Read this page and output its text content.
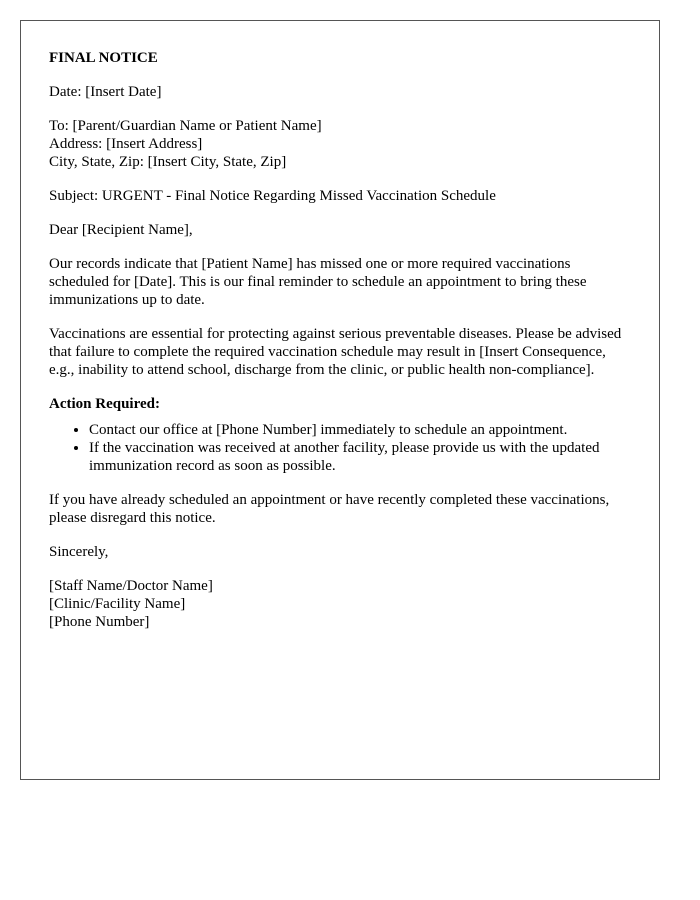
FINAL NOTICE
Date: [Insert Date]
To: [Parent/Guardian Name or Patient Name]
Address: [Insert Address]
City, State, Zip: [Insert City, State, Zip]
Subject: URGENT - Final Notice Regarding Missed Vaccination Schedule
Dear [Recipient Name],
Our records indicate that [Patient Name] has missed one or more required vaccinations scheduled for [Date]. This is our final reminder to schedule an appointment to bring these immunizations up to date.
Vaccinations are essential for protecting against serious preventable diseases. Please be advised that failure to complete the required vaccination schedule may result in [Insert Consequence, e.g., inability to attend school, discharge from the clinic, or public health non-compliance].
Action Required:
• Contact our office at [Phone Number] immediately to schedule an appointment.
• If the vaccination was received at another facility, please provide us with the updated immunization record as soon as possible.
If you have already scheduled an appointment or have recently completed these vaccinations, please disregard this notice.
Sincerely,
[Staff Name/Doctor Name]
[Clinic/Facility Name]
[Phone Number]
